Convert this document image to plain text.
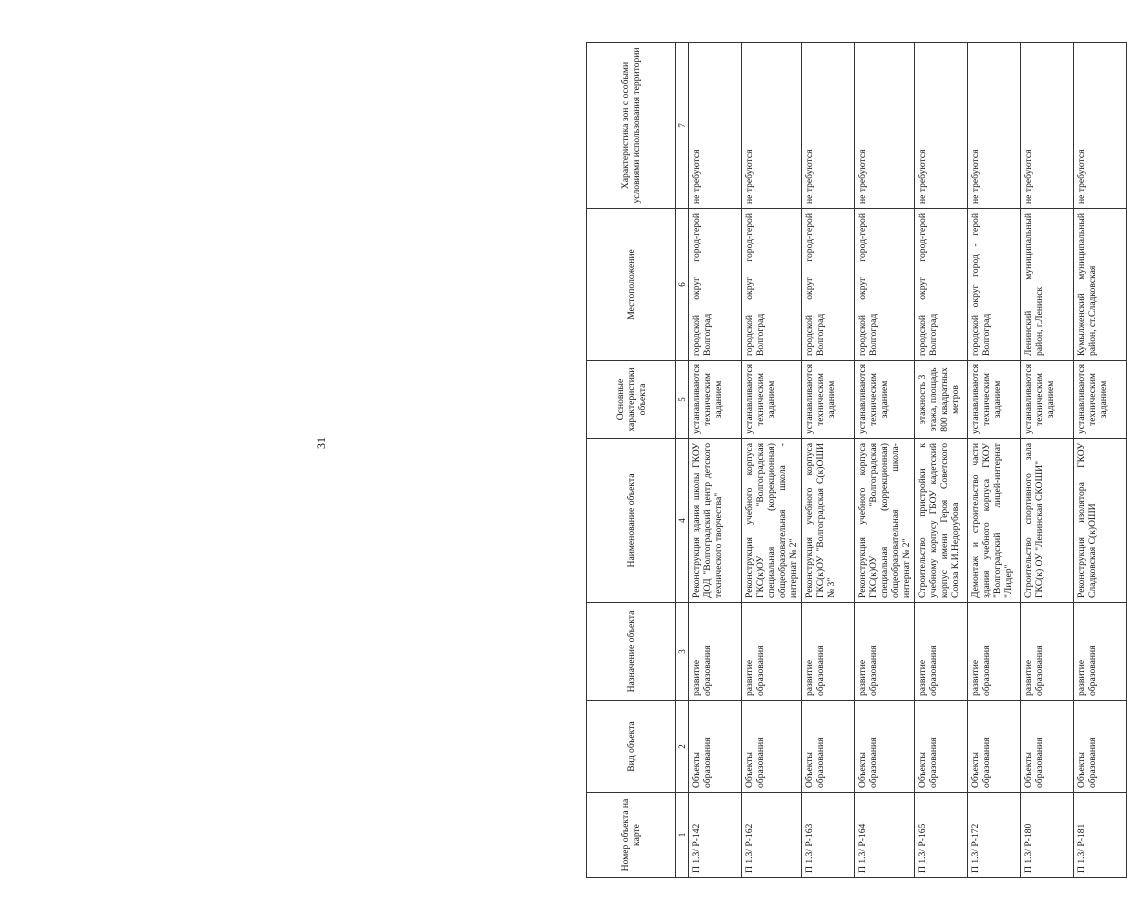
31
Номер объекта на карте	Вид объекта	Назначение объекта	Наименование объекта	Основные характеристики объекта	Местоположение	Характеристика зон с особыми условиями использования территории
1	2	3	4	5	6	7
П 1.3/ Р-142	Объекты образования	развитие образования	Реконструкция здания школы ГКОУ ДОД "Волгоградский центр детского технического творчества"	устанавливаются техническим заданием	городской округ город-герой Волгоград	не требуются
П 1.3/ Р-162	Объекты образования	развитие образования	Реконструкция учебного корпуса ГКС(к)ОУ "Волгоградская специальная (коррекционная) общеобразовательная школа - интернат № 2"	устанавливаются техническим заданием	городской округ город-герой Волгоград	не требуются
П 1.3/ Р-163	Объекты образования	развитие образования	Реконструкция учебного корпуса ГКС(к)ОУ "Волгоградская С(к)ОШИ № 3"	устанавливаются техническим заданием	городской округ город-герой Волгоград	не требуются
П 1.3/ Р-164	Объекты образования	развитие образования	Реконструкция учебного корпуса ГКС(к)ОУ "Волгоградская специальная (коррекционная) общеобразовательная школа-интернат № 2"	устанавливаются техническим заданием	городской округ город-герой Волгоград	не требуются
П 1.3/ Р-165	Объекты образования	развитие образования	Строительство пристройки к учебному корпусу ГБОУ кадетский корпус имени Героя Советского Союза К.И.Недорубова	этажность 3 этажа, площадь 800 квадратных метров	городской округ город-герой Волгоград	не требуются
П 1.3/ Р-172	Объекты образования	развитие образования	Демонтаж и строительство части здания учебного корпуса ГКОУ "Волгоградский лицей-интернат "Лидер"	устанавливаются техническим заданием	городской округ город - герой Волгоград	не требуются
П 1.3/ Р-180	Объекты образования	развитие образования	Строительство спортивного зала ГКС(к) ОУ "Ленинская СКОШИ"	устанавливаются техническим заданием	Ленинский муниципальный район, г.Ленинск	не требуются
П 1.3/ Р-181	Объекты образования	развитие образования	Реконструкция изолятора ГКОУ Сладковская С(к)ОШИ	устанавливаются техническим заданием	Кумылженский муниципальный район, ст.Сладковская	не требуются
